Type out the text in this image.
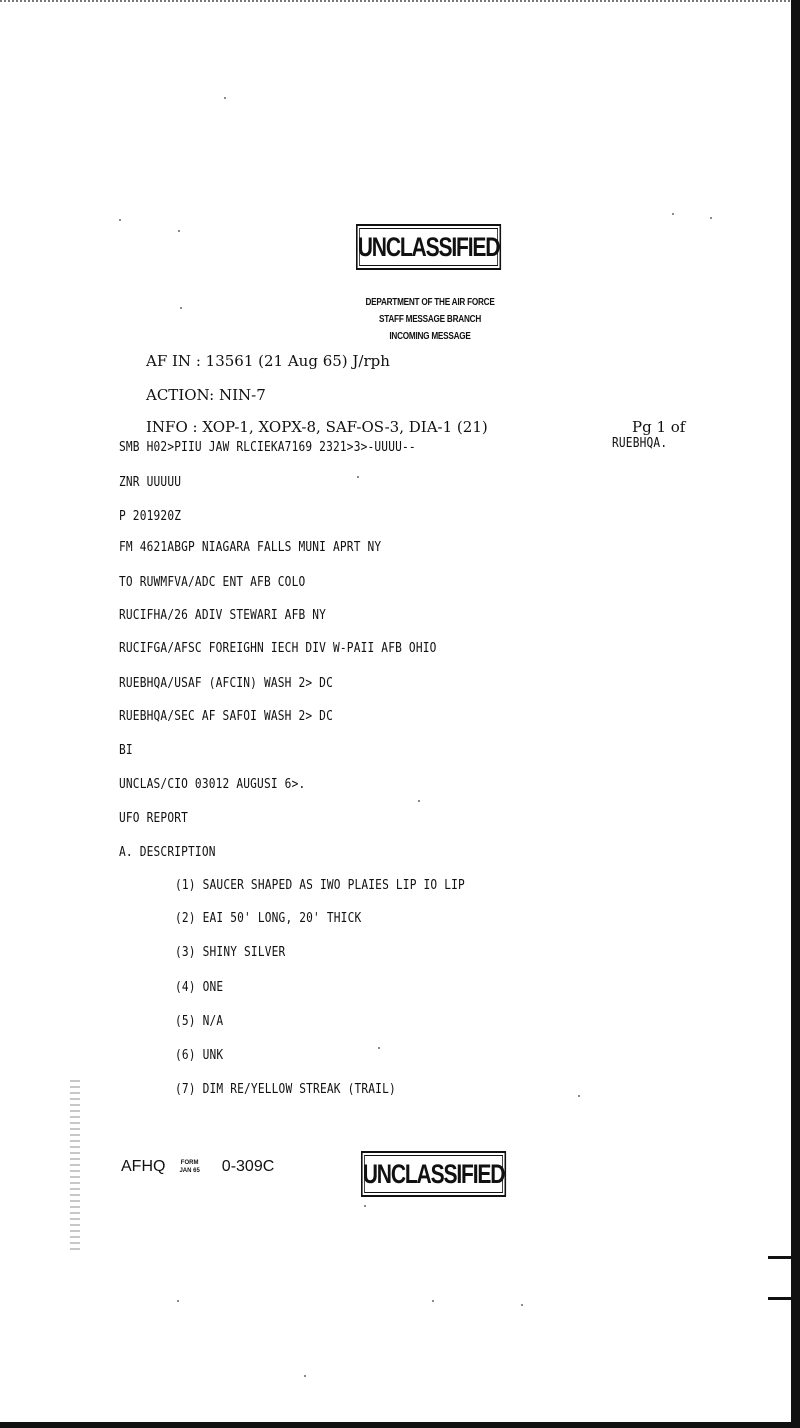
UNCLASSIFIED
DEPARTMENT OF THE AIR FORCE
STAFF MESSAGE BRANCH
INCOMING MESSAGE
AF IN : 13561 (21 Aug 65) J/rph
ACTION: NIN-7
INFO : XOP-1, XOPX-8, SAF-OS-3, DIA-1 (21)	Pg 1 of
SMB H02>PIIU JAW RLCIEKA7169 2321>3>-UUUU--	RUEBHQA.
ZNR UUUUU
P 201920Z
FM 4621ABGP NIAGARA FALLS MUNI APRT NY
TO RUWMFVA/ADC ENT AFB COLO
RUCIFHA/26 ADIV STEWARI AFB NY
RUCIFGA/AFSC FOREIGHN IECH DIV W-PAII AFB OHIO
RUEBHQA/USAF (AFCIN) WASH 2> DC
RUEBHQA/SEC AF SAFOI WASH 2> DC
BI
UNCLAS/CIO 03012 AUGUSI 6>.
UFO REPORT
A. DESCRIPTION
(1) SAUCER SHAPED AS IWO PLAIES LIP IO LIP
(2) EAI 50' LONG, 20' THICK
(3) SHINY SILVER
(4) ONE
(5) N/A
(6) UNK
(7) DIM RE/YELLOW STREAK (TRAIL)
AFHQ	FORM
JAN 65 0-309C	UNCLASSIFIED
